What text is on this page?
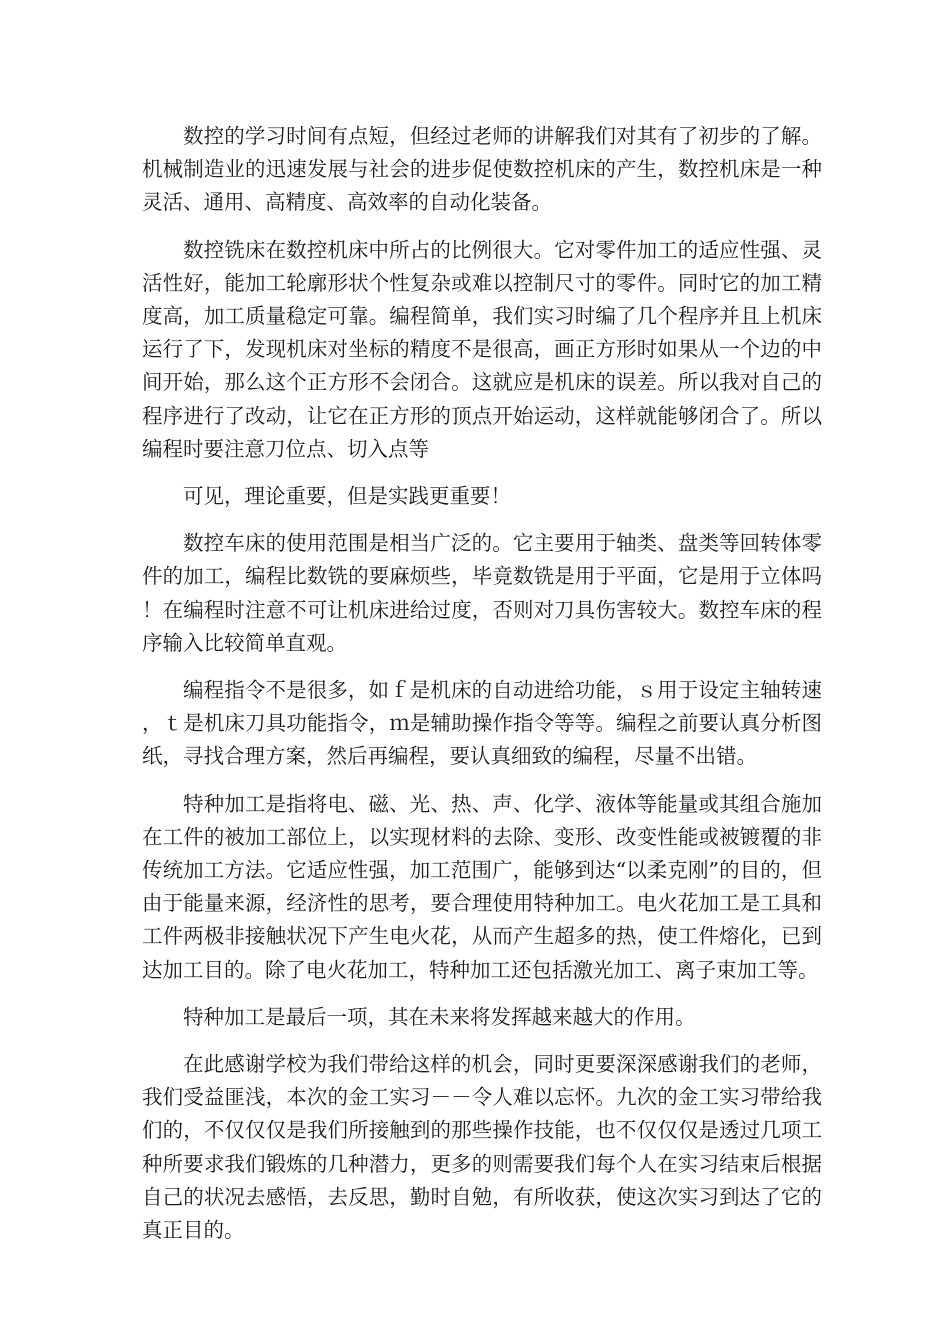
数控的学习时间有点短，但经过老师的讲解我们对其有了初步的了解。机械制造业的迅速发展与社会的进步促使数控机床的产生，数控机床是一种灵活、通用、高精度、高效率的自动化装备。

数控铣床在数控机床中所占的比例很大。它对零件加工的适应性强、灵活性好，能加工轮廓形状个性复杂或难以控制尺寸的零件。同时它的加工精度高，加工质量稳定可靠。编程简单，我们实习时编了几个程序并且上机床运行了下，发现机床对坐标的精度不是很高，画正方形时如果从一个边的中间开始，那么这个正方形不会闭合。这就应是机床的误差。所以我对自己的程序进行了改动，让它在正方形的顶点开始运动，这样就能够闭合了。所以编程时要注意刀位点、切入点等

可见，理论重要，但是实践更重要！

数控车床的使用范围是相当广泛的。它主要用于轴类、盘类等回转体零件的加工，编程比数铣的要麻烦些，毕竟数铣是用于平面，它是用于立体吗！在编程时注意不可让机床进给过度，否则对刀具伤害较大。数控车床的程序输入比较简单直观。

编程指令不是很多，如ｆ是机床的自动进给功能，ｓ用于设定主轴转速，ｔ是机床刀具功能指令，ｍ是辅助操作指令等等。编程之前要认真分析图纸，寻找合理方案，然后再编程，要认真细致的编程，尽量不出错。

特种加工是指将电、磁、光、热、声、化学、液体等能量或其组合施加在工件的被加工部位上，以实现材料的去除、变形、改变性能或被镀覆的非传统加工方法。它适应性强，加工范围广，能够到达“以柔克刚”的目的，但由于能量来源，经济性的思考，要合理使用特种加工。电火花加工是工具和工件两极非接触状况下产生电火花，从而产生超多的热，使工件熔化，已到达加工目的。除了电火花加工，特种加工还包括激光加工、离子束加工等。

特种加工是最后一项，其在未来将发挥越来越大的作用。

在此感谢学校为我们带给这样的机会，同时更要深深感谢我们的老师，我们受益匪浅，本次的金工实习－－令人难以忘怀。九次的金工实习带给我们的，不仅仅仅是我们所接触到的那些操作技能，也不仅仅仅是透过几项工种所要求我们锻炼的几种潜力，更多的则需要我们每个人在实习结束后根据自己的状况去感悟，去反思，勤时自勉，有所收获，使这次实习到达了它的真正目的。
